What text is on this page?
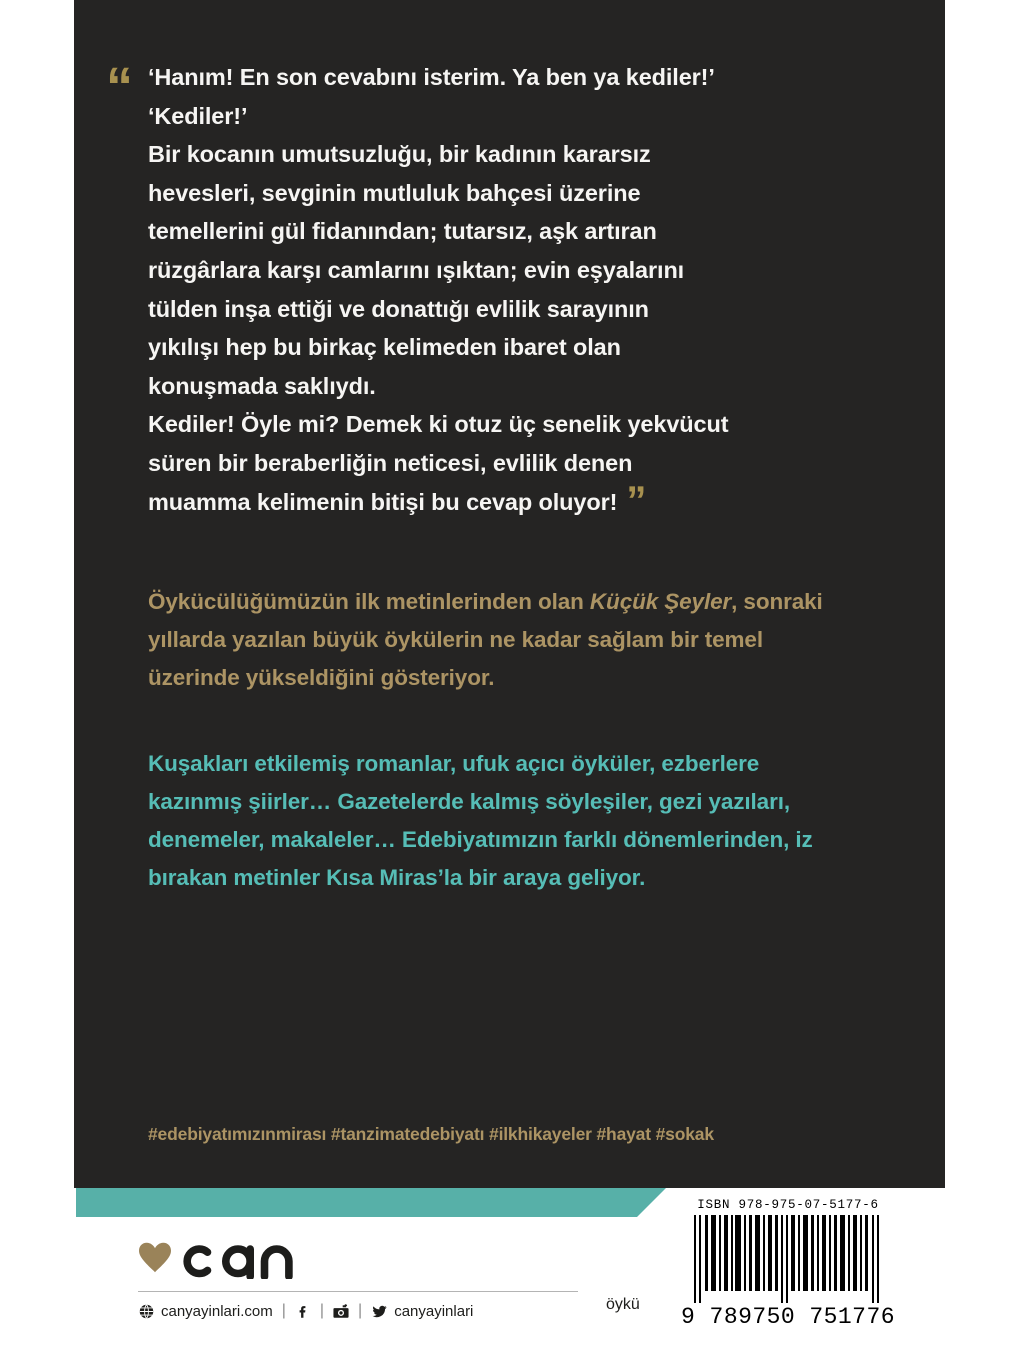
“ ‘Hanım! En son cevabını isterim. Ya ben ya kediler!’
‘Kediler!’
Bir kocanın umutsuzluğu, bir kadının kararsız
hevesleri, sevginin mutluluk bahçesi üzerine
temellerini gül fidanından; tutarsız, aşk artıran
rüzgârlara karşı camlarını ışıktan; evin eşyalarını
tülden inşa ettiği ve donattığı evlilik sarayının
yıkılışı hep bu birkaç kelimeden ibaret olan
konuşmada saklıydı.
Kediler! Öyle mi? Demek ki otuz üç senelik yekvücut
süren bir beraberliğin neticesi, evlilik denen
muamma kelimenin bitişi bu cevap oluyor! ”

Öykücülüğümüzün ilk metinlerinden olan Küçük Şeyler, sonraki
yıllarda yazılan büyük öykülerin ne kadar sağlam bir temel
üzerinde yükseldiğini gösteriyor.

Kuşakları etkilemiş romanlar, ufuk açıcı öyküler, ezberlere
kazınmış şiirler… Gazetelerde kalmış söyleşiler, gezi yazıları,
denemeler, makaleler… Edebiyatımızın farklı dönemlerinden, iz
bırakan metinler Kısa Miras’la bir araya geliyor.

#edebiyatımızınmirası #tanzimatedebiyatı #ilkhikayeler #hayat #sokak

canyayinlari.com | | | canyayinlari	öykü
ISBN 978-975-07-5177-6
9 789750 751776
